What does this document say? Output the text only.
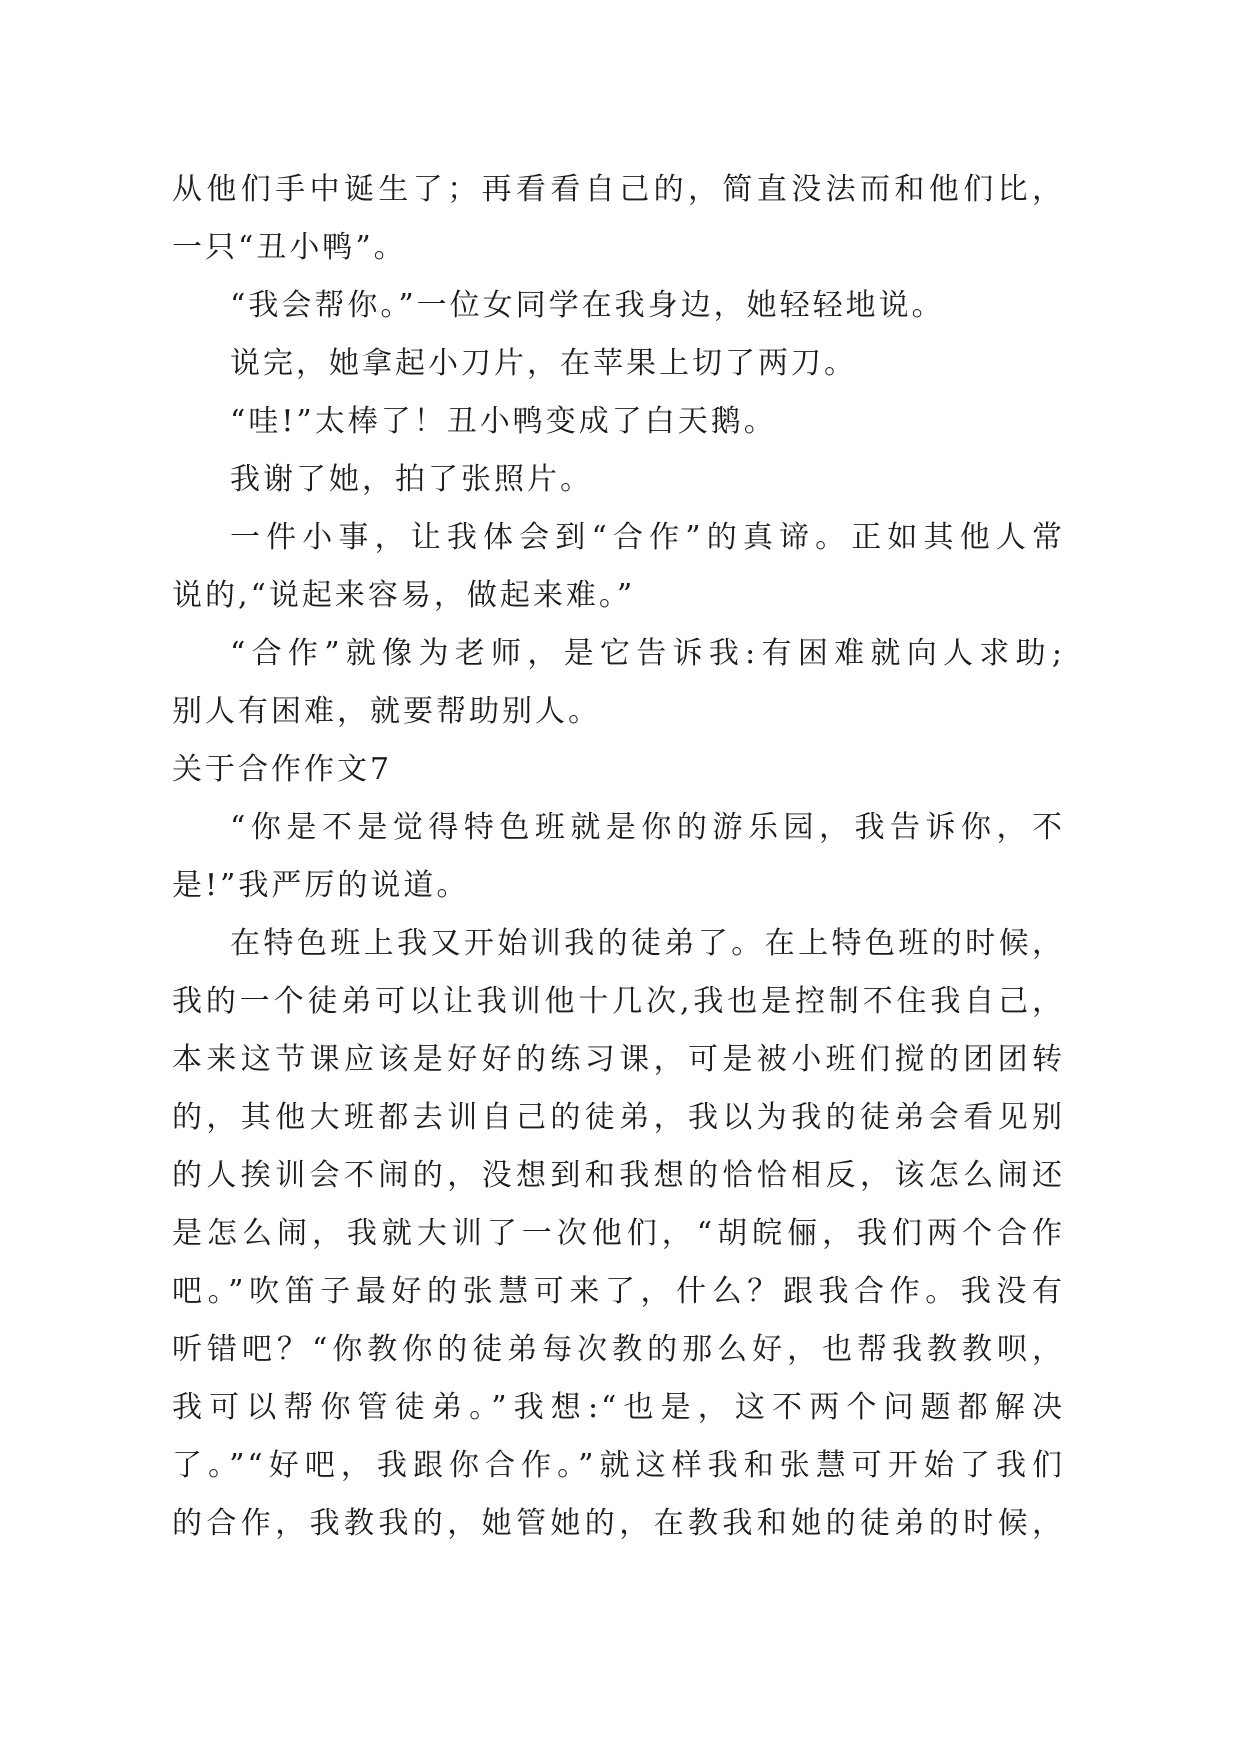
从他们手中诞生了；再看看自己的，简直没法而和他们比，
一只“丑小鸭”。
“我会帮你。”一位女同学在我身边，她轻轻地说。
说完，她拿起小刀片，在苹果上切了两刀。
“哇!”太棒了！丑小鸭变成了白天鹅。
我谢了她，拍了张照片。
一件小事，让我体会到“合作”的真谛。正如其他人常
说的,“说起来容易，做起来难。”
“合作”就像为老师，是它告诉我:有困难就向人求助;
别人有困难，就要帮助别人。
关于合作作文7
“你是不是觉得特色班就是你的游乐园，我告诉你，不
是!”我严厉的说道。
在特色班上我又开始训我的徒弟了。在上特色班的时候，
我的一个徒弟可以让我训他十几次,我也是控制不住我自己，
本来这节课应该是好好的练习课，可是被小班们搅的团团转
的，其他大班都去训自己的徒弟，我以为我的徒弟会看见别
的人挨训会不闹的，没想到和我想的恰恰相反，该怎么闹还
是怎么闹，我就大训了一次他们，“胡皖俪，我们两个合作
吧。”吹笛子最好的张慧可来了，什么？跟我合作。我没有
听错吧？“你教你的徒弟每次教的那么好，也帮我教教呗，
我可以帮你管徒弟。”我想:“也是，这不两个问题都解决
了。”“好吧，我跟你合作。”就这样我和张慧可开始了我们
的合作，我教我的，她管她的，在教我和她的徒弟的时候，
